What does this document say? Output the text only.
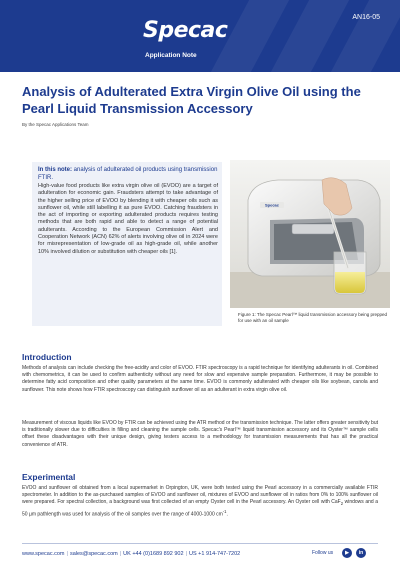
Specac
Application Note
AN16-05
Analysis of Adulterated Extra Virgin Olive Oil using the Pearl Liquid Transmission Accessory
By the Specac Applications Team
In this note: analysis of adulterated oil products using transmission FTIR.
High-value food products like extra virgin olive oil (EVOO) are a target of adulteration for economic gain. Fraudsters attempt to take advantage of the higher selling price of EVOO by blending it with cheaper oils such as sunflower oil, while still labelling it as pure EVOO. Catching fraudsters in the act of importing or exporting adulterated products requires testing methods that are both rapid and able to detect a range of potential adulterants. According to the European Commission Alert and Cooperation Network (ACN) 62% of alerts involving olive oil in 2024 were for misrepresentation of low-grade oil as high-grade oil, while another 10% involved dilution or substitution with cheaper oils [1].
Specac
Figure 1: The Specac Pearl™ liquid transmission accessory being prepped for use with an oil sample
Introduction
Methods of analysis can include checking the free-acidity and color of EVOO. FTIR spectroscopy is a rapid technique for identifying adulterants in oil. Combined with chemometrics, it can be used to confirm authenticity without any need for slow and expensive sample preparation. Furthermore, it may be possible to determine fatty acid composition and other quality parameters at the same time. EVOO is commonly adulterated with cheaper oils like soybean, canola and sunflower. This note shows how FTIR spectroscopy can distinguish sunflower oil as an adulterant in extra virgin olive oil.
Measurement of viscous liquids like EVOO by FTIR can be achieved using the ATR method or the transmission technique. The latter offers greater sensitivity but is traditionally slower due to difficulties in filling and cleaning the sample cells. Specac's Pearl™ liquid transmission accessory and its Oyster™ sample cells offset these disadvantages with their unique design, giving testers access to a methodology for transmission measurements that has all the practical convenience of ATR.
Experimental
EVOO and sunflower oil obtained from a local supermarket in Orpington, UK, were both tested using the Pearl accessory in a commercially available FTIR spectrometer. In addition to the as-purchased samples of EVOO and sunflower oil, mixtures of EVOO and sunflower oil in ratios from 0% to 100% sunflower oil were prepared. For spectral collection, a background was first collected of an empty Oyster cell in the Pearl accessory. An Oyster cell with CaF$_2$ windows and a 50 µm pathlength was used for analysis of the oil samples over the range of 4000-1000 $cm^{-1}$.
www.specac.com | sales@specac.com | UK +44 (0)1689 892 902 | US +1 914-747-7202	Follow us	▶	in
